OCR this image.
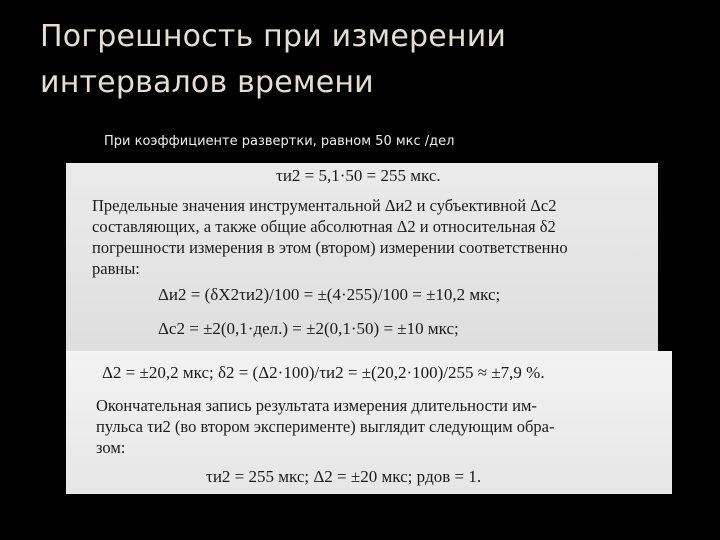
Погрешность при измерении
интервалов времени
При коэффициенте развертки, равном 50 мкс /дел
τи2 = 5,1·50 = 255 мкс.
Предельные значения инструментальной Δи2 и субъективной Δс2
составляющих, а также общие абсолютная Δ2 и относительная δ2
погрешности измерения в этом (втором) измерении соответственно
равны:
Δи2 = (δX2τи2)/100 = ±(4·255)/100 = ±10,2 мкс;
Δс2 = ±2(0,1·дел.) = ±2(0,1·50) = ±10 мкс;
Δ2 = ±20,2 мкс; δ2 = (Δ2·100)/τи2 = ±(20,2·100)/255 ≈ ±7,9 %.
Окончательная запись результата измерения длительности им-
пульса τи2 (во втором эксперименте) выглядит следующим обра-
зом:
τи2 = 255 мкс; Δ2 = ±20 мкс; pдов = 1.
